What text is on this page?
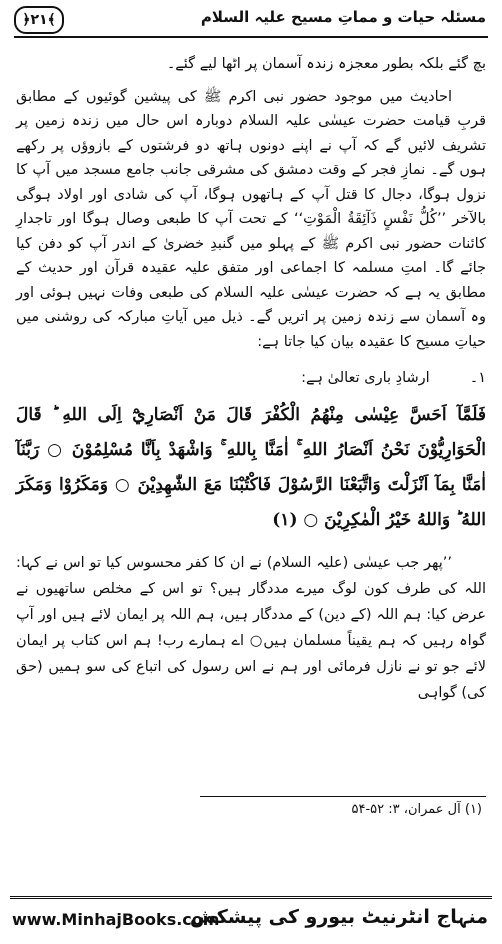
﴿۲۱﴾	مسئلہ حیات و مماتِ مسیح علیہ السلام

بچ گئے بلکہ بطور معجزہ زندہ آسمان پر اٹھا لیے گئے۔

احادیث میں موجود حضور نبی اکرم ﷺ کی پیشین گوئیوں کے مطابق قربِ قیامت حضرت عیسٰی علیہ السلام دوبارہ اس حال میں زندہ زمین پر تشریف لائیں گے کہ آپ نے اپنے دونوں ہاتھ دو فرشتوں کے بازوؤں پر رکھے ہوں گے۔ نمازِ فجر کے وقت دمشق کی مشرقی جانب جامع مسجد میں آپ کا نزول ہوگا، دجال کا قتل آپ کے ہاتھوں ہوگا، آپ کی شادی اور اولاد ہوگی بالآخر ’’كُلُّ نَفْسٍ ذَآئِقَةُ الْمَوْتِ‘‘ کے تحت آپ کا طبعی وصال ہوگا اور تاجدارِ کائنات حضور نبی اکرم ﷺ کے پہلو میں گنبدِ خضریٰ کے اندر آپ کو دفن کیا جائے گا۔ امتِ مسلمہ کا اجماعی اور متفق علیہ عقیدہ قرآن اور حدیث کے مطابق یہ ہے کہ حضرت عیسٰی علیہ السلام کی طبعی وفات نہیں ہوئی اور وہ آسمان سے زندہ زمین پر اتریں گے۔ ذیل میں آیاتِ مبارکہ کی روشنی میں حیاتِ مسیح کا عقیدہ بیان کیا جاتا ہے:

۱۔
ارشادِ باری تعالیٰ ہے:

فَلَمَّآ اَحَسَّ عِيْسٰى مِنْهُمُ الْكُفْرَ قَالَ مَنْ اَنْصَارِيْٓ اِلَى اللهِ ؕ قَالَ الْحَوَارِيُّوْنَ نَحْنُ اَنْصَارُ اللهِ ۚ اٰمَنَّا بِاللهِ ۚ وَاشْهَدْ بِاَنَّا مُسْلِمُوْنَ ○ رَبَّنَآ اٰمَنَّا بِمَآ اَنْزَلْتَ وَاتَّبَعْنَا الرَّسُوْلَ فَاكْتُبْنَا مَعَ الشّٰهِدِيْنَ ○ وَمَكَرُوْا وَمَكَرَ اللهُ ؕ وَاللهُ خَيْرُ الْمٰكِرِيْنَ ○ (۱)

’’پھر جب عیسٰی (علیہ السلام) نے ان کا کفر محسوس کیا تو اس نے کہا: اللہ کی طرف کون لوگ میرے مددگار ہیں؟ تو اس کے مخلص ساتھیوں نے عرض کیا: ہم اللہ (کے دین) کے مددگار ہیں، ہم اللہ پر ایمان لائے ہیں اور آپ گواہ رہیں کہ ہم یقیناً مسلمان ہیں○ اے ہمارے رب! ہم اس کتاب پر ایمان لائے جو تو نے نازل فرمائی اور ہم نے اس رسول کی اتباع کی سو ہمیں (حق کی) گواہی

(۱) آل عمران، ۳: ۵۲-۵۴
www.MinhajBooks.com
منہاج انٹرنیٹ بیورو کی پیشکش
